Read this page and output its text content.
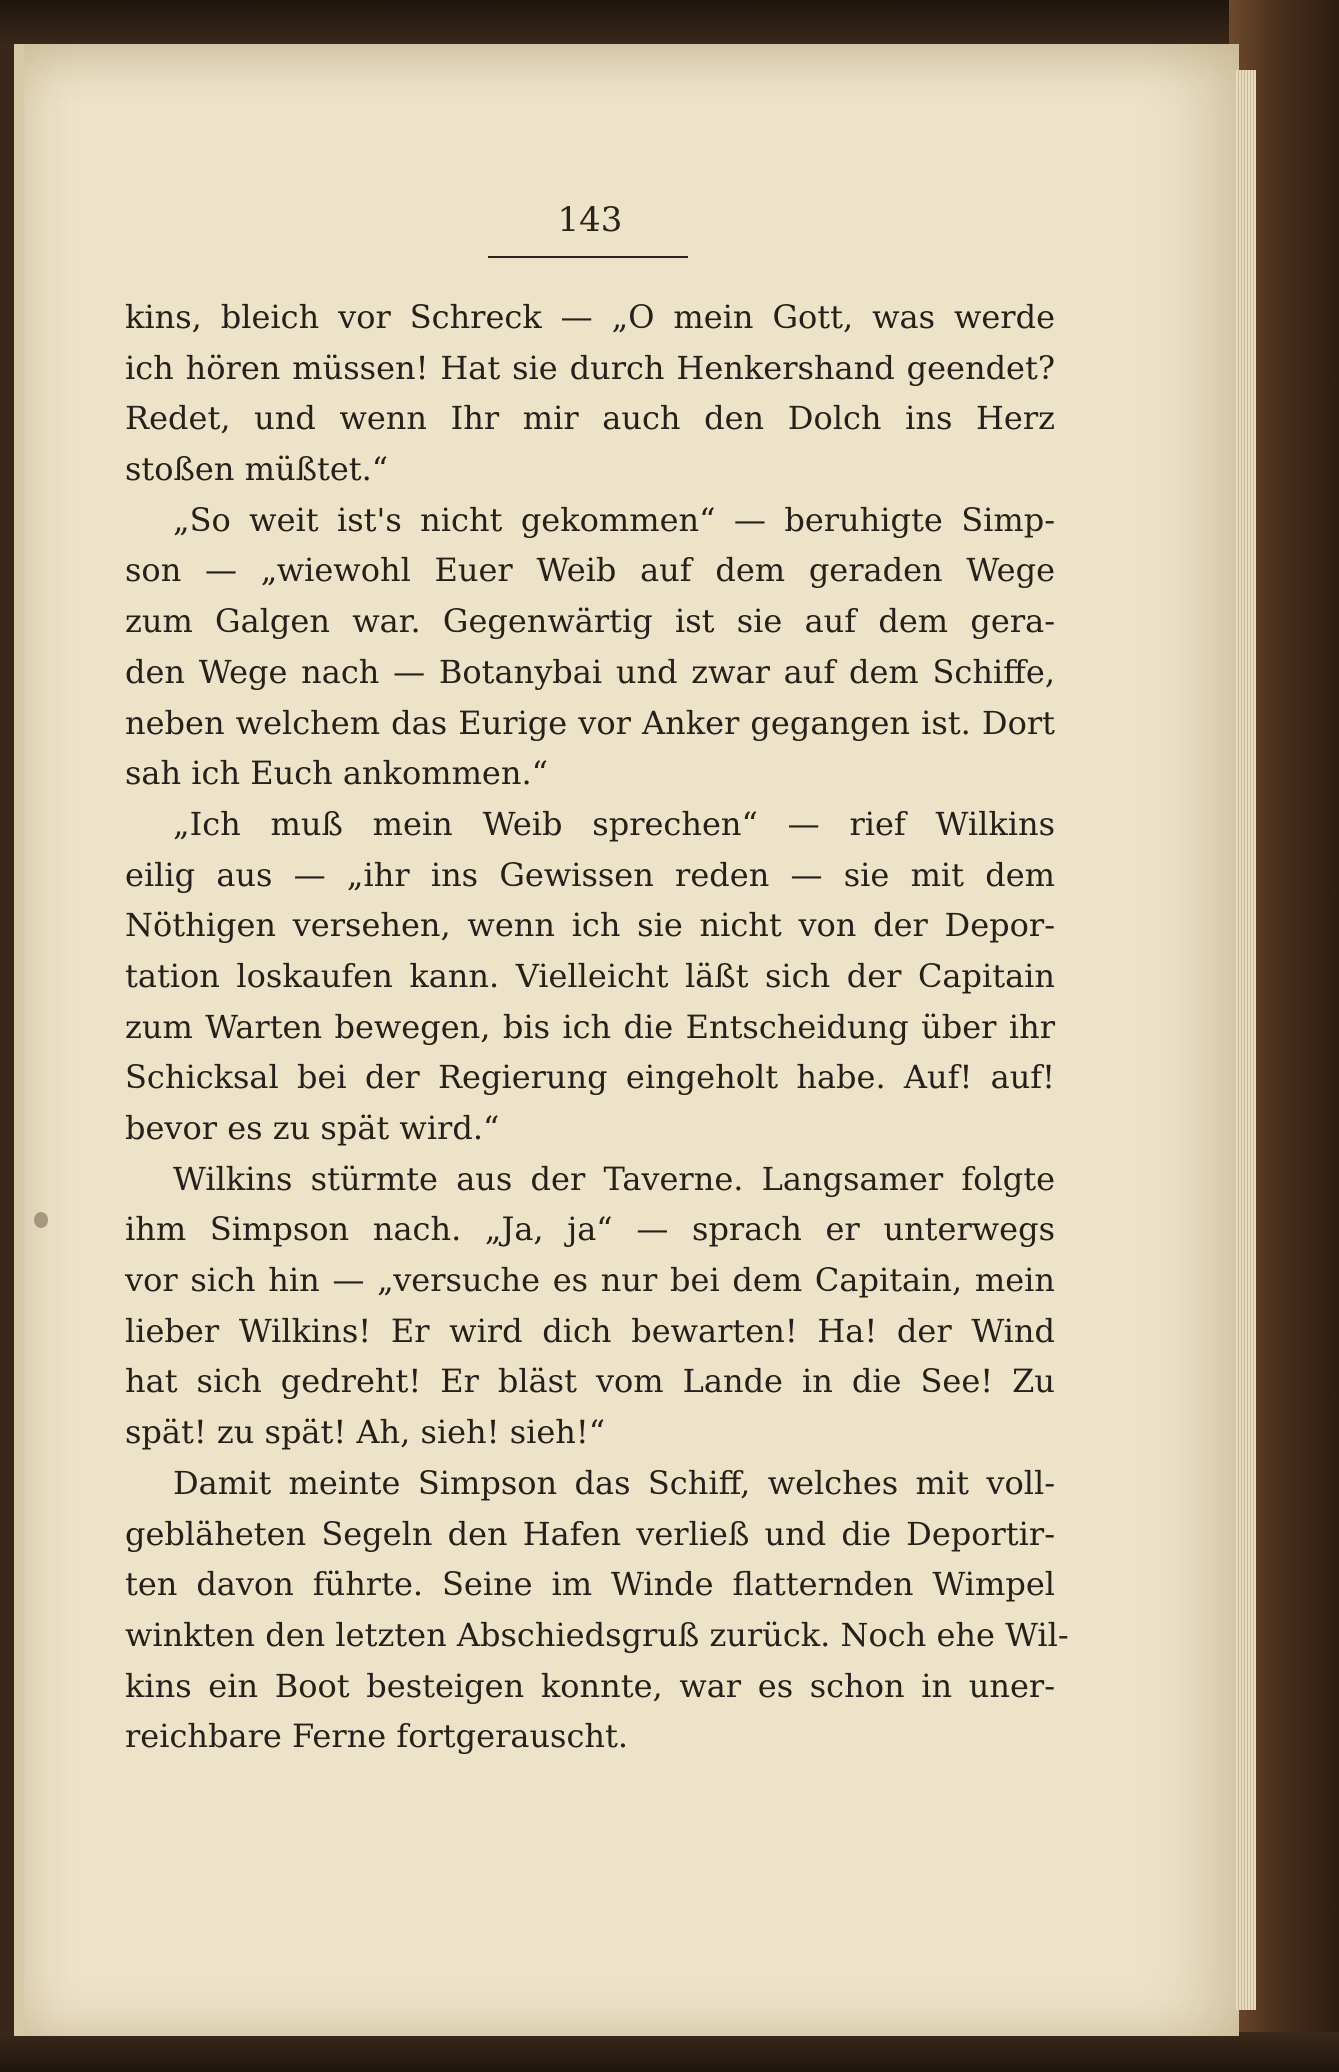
143
kins, bleich vor Schreck — „O mein Gott, was werde
ich hören müssen! Hat sie durch Henkershand geendet?
Redet, und wenn Ihr mir auch den Dolch ins Herz
stoßen müßtet.“
„So weit ist's nicht gekommen“ — beruhigte Simp-
son — „wiewohl Euer Weib auf dem geraden Wege
zum Galgen war. Gegenwärtig ist sie auf dem gera-
den Wege nach — Botanybai und zwar auf dem Schiffe,
neben welchem das Eurige vor Anker gegangen ist. Dort
sah ich Euch ankommen.“
„Ich muß mein Weib sprechen“ — rief Wilkins
eilig aus — „ihr ins Gewissen reden — sie mit dem
Nöthigen versehen, wenn ich sie nicht von der Depor-
tation loskaufen kann. Vielleicht läßt sich der Capitain
zum Warten bewegen, bis ich die Entscheidung über ihr
Schicksal bei der Regierung eingeholt habe. Auf! auf!
bevor es zu spät wird.“
Wilkins stürmte aus der Taverne. Langsamer folgte
ihm Simpson nach. „Ja, ja“ — sprach er unterwegs
vor sich hin — „versuche es nur bei dem Capitain, mein
lieber Wilkins! Er wird dich bewarten! Ha! der Wind
hat sich gedreht! Er bläst vom Lande in die See! Zu
spät! zu spät! Ah, sieh! sieh!“
Damit meinte Simpson das Schiff, welches mit voll-
gebläheten Segeln den Hafen verließ und die Deportir-
ten davon führte. Seine im Winde flatternden Wimpel
winkten den letzten Abschiedsgruß zurück. Noch ehe Wil-
kins ein Boot besteigen konnte, war es schon in uner-
reichbare Ferne fortgerauscht.
